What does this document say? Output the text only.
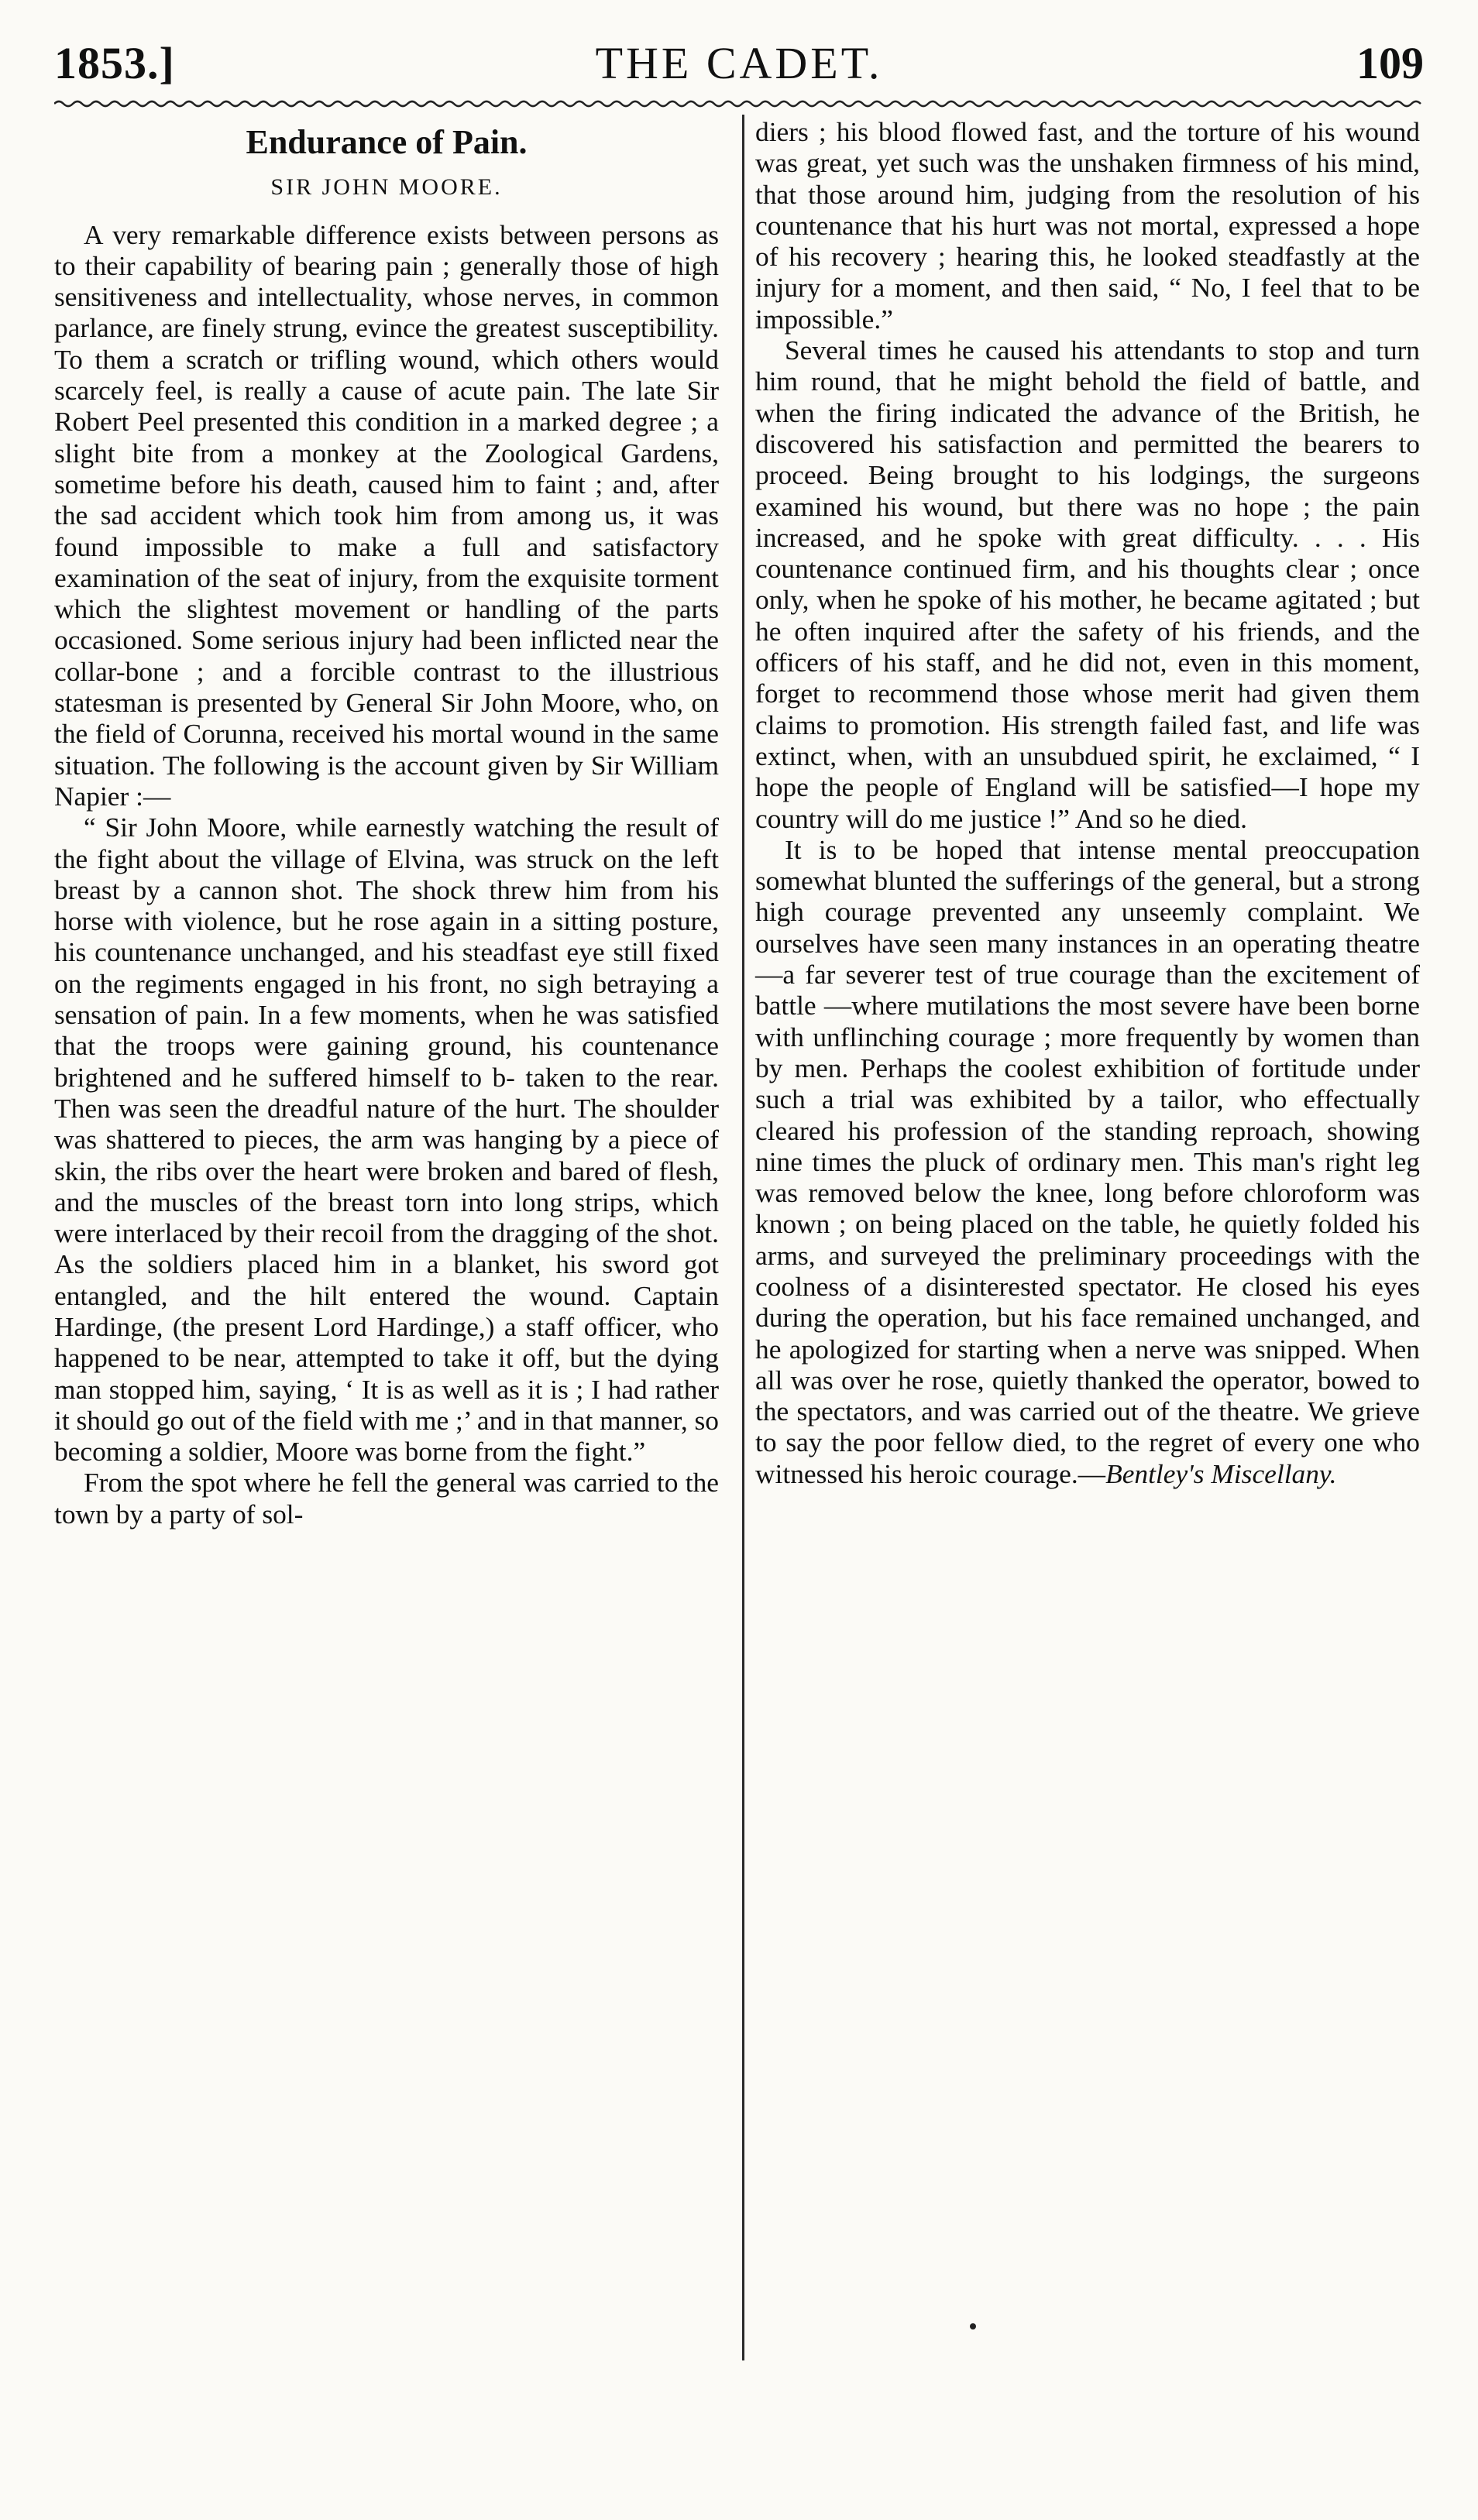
1853.]	THE CADET.	109
Endurance of Pain.
SIR JOHN MOORE.

A very remarkable difference exists between persons as to their capability of bearing pain ; generally those of high sensitiveness and intellectuality, whose nerves, in common parlance, are finely strung, evince the greatest susceptibility. To them a scratch or trifling wound, which others would scarcely feel, is really a cause of acute pain. The late Sir Robert Peel presented this condition in a marked degree ; a slight bite from a monkey at the Zoological Gardens, sometime before his death, caused him to faint ; and, after the sad accident which took him from among us, it was found impossible to make a full and satisfactory examination of the seat of injury, from the exquisite torment which the slightest movement or handling of the parts occasioned. Some serious injury had been inflicted near the collar-bone ; and a forcible contrast to the illustrious statesman is presented by General Sir John Moore, who, on the field of Corunna, received his mortal wound in the same situation. The following is the account given by Sir William Napier :—

“ Sir John Moore, while earnestly watching the result of the fight about the village of Elvina, was struck on the left breast by a cannon shot. The shock threw him from his horse with violence, but he rose again in a sitting posture, his countenance unchanged, and his steadfast eye still fixed on the regiments engaged in his front, no sigh betraying a sensation of pain. In a few moments, when he was satisfied that the troops were gaining ground, his countenance brightened and he suffered himself to b‑ taken to the rear. Then was seen the dreadful nature of the hurt. The shoulder was shattered to pieces, the arm was hanging by a piece of skin, the ribs over the heart were broken and bared of flesh, and the muscles of the breast torn into long strips, which were interlaced by their recoil from the dragging of the shot. As the soldiers placed him in a blanket, his sword got entangled, and the hilt entered the wound. Captain Hardinge, (the present Lord Hardinge,) a staff officer, who happened to be near, attempted to take it off, but the dying man stopped him, saying, ‘ It is as well as it is ; I had rather it should go out of the field with me ;’ and in that manner, so becoming a soldier, Moore was borne from the fight.”

From the spot where he fell the general was carried to the town by a party of sol-

diers ; his blood flowed fast, and the torture of his wound was great, yet such was the unshaken firmness of his mind, that those around him, judging from the resolution of his countenance that his hurt was not mortal, expressed a hope of his recovery ; hearing this, he looked steadfastly at the injury for a moment, and then said, “ No, I feel that to be impossible.”

Several times he caused his attendants to stop and turn him round, that he might behold the field of battle, and when the firing indicated the advance of the British, he discovered his satisfaction and permitted the bearers to proceed. Being brought to his lodgings, the surgeons examined his wound, but there was no hope ; the pain increased, and he spoke with great difficulty. . . . His countenance continued firm, and his thoughts clear ; once only, when he spoke of his mother, he became agitated ; but he often inquired after the safety of his friends, and the officers of his staff, and he did not, even in this moment, forget to recommend those whose merit had given them claims to promotion. His strength failed fast, and life was extinct, when, with an unsubdued spirit, he exclaimed, “ I hope the people of England will be satisfied—I hope my country will do me justice !” And so he died.

It is to be hoped that intense mental preoccupation somewhat blunted the sufferings of the general, but a strong high courage prevented any unseemly complaint. We ourselves have seen many instances in an operating theatre—a far severer test of true courage than the excitement of battle —where mutilations the most severe have been borne with unflinching courage ; more frequently by women than by men. Perhaps the coolest exhibition of fortitude under such a trial was exhibited by a tailor, who effectually cleared his profession of the standing reproach, showing nine times the pluck of ordinary men. This man's right leg was removed below the knee, long before chloroform was known ; on being placed on the table, he quietly folded his arms, and surveyed the preliminary proceedings with the coolness of a disinterested spectator. He closed his eyes during the operation, but his face remained unchanged, and he apologized for starting when a nerve was snipped. When all was over he rose, quietly thanked the operator, bowed to the spectators, and was carried out of the theatre. We grieve to say the poor fellow died, to the regret of every one who witnessed his heroic courage.—Bentley's Miscellany.
